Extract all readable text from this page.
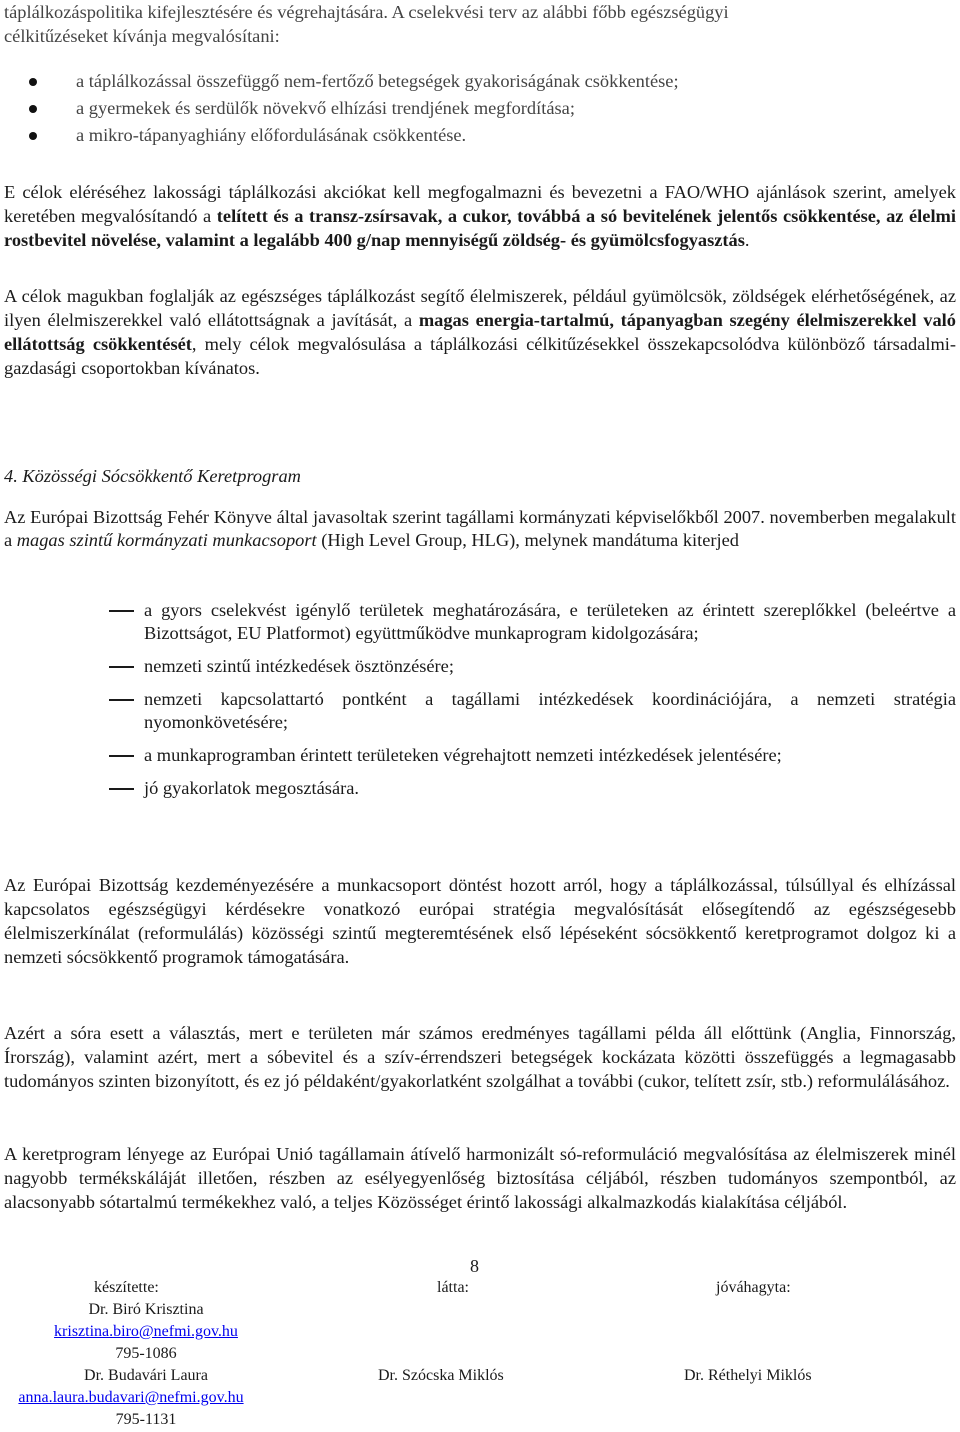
táplálkozáspolitika kifejlesztésére és végrehajtására. A cselekvési terv az alábbi főbb egészségügyi

célkitűzéseket kívánja megvalósítani:

a táplálkozással összefüggő nem-fertőző betegségek gyakoriságának csökkentése;
a gyermekek és serdülők növekvő elhízási trendjének megfordítása;
a mikro-tápanyaghiány előfordulásának csökkentése.

E célok eléréséhez lakossági táplálkozási akciókat kell megfogalmazni és bevezetni a FAO/WHO ajánlások szerint, amelyek keretében megvalósítandó a telített és a transz-zsírsavak, a cukor, továbbá a só bevitelének jelentős csökkentése, az élelmi rostbevitel növelése, valamint a legalább 400 g/nap mennyiségű zöldség- és gyümölcsfogyasztás.

A célok magukban foglalják az egészséges táplálkozást segítő élelmiszerek, például gyümölcsök, zöldségek elérhetőségének, az ilyen élelmiszerekkel való ellátottságnak a javítását, a magas energia-tartalmú, tápanyagban szegény élelmiszerekkel való ellátottság csökkentését, mely célok megvalósulása a táplálkozási célkitűzésekkel összekapcsolódva különböző társadalmi-gazdasági csoportokban kívánatos.

4. Közösségi Sócsökkentő Keretprogram

Az Európai Bizottság Fehér Könyve által javasoltak szerint tagállami kormányzati képviselőkből 2007. novemberben megalakult a magas szintű kormányzati munkacsoport (High Level Group, HLG), melynek mandátuma kiterjed

a gyors cselekvést igénylő területek meghatározására, e területeken az érintett szereplőkkel (beleértve a Bizottságot, EU Platformot) együttműködve munkaprogram kidolgozására;
nemzeti szintű intézkedések ösztönzésére;
nemzeti kapcsolattartó pontként a tagállami intézkedések koordinációjára, a nemzeti stratégia nyomonkövetésére;
a munkaprogramban érintett területeken végrehajtott nemzeti intézkedések jelentésére;
jó gyakorlatok megosztására.

Az Európai Bizottság kezdeményezésére a munkacsoport döntést hozott arról, hogy a táplálkozással, túlsúllyal és elhízással kapcsolatos egészségügyi kérdésekre vonatkozó európai stratégia megvalósítását elősegítendő az egészségesebb élelmiszerkínálat (reformulálás) közösségi szintű megteremtésének első lépéseként sócsökkentő keretprogramot dolgoz ki a nemzeti sócsökkentő programok támogatására.

Azért a sóra esett a választás, mert e területen már számos eredményes tagállami példa áll előttünk (Anglia, Finnország, Írország), valamint azért, mert a sóbevitel és a szív-érrendszeri betegségek kockázata közötti összefüggés a legmagasabb tudományos szinten bizonyított, és ez jó példaként/gyakorlatként szolgálhat a további (cukor, telített zsír, stb.) reformulálásához.

A keretprogram lényege az Európai Unió tagállamain átívelő harmonizált só-reformuláció megvalósítása az élelmiszerek minél nagyobb termékskáláját illetően, részben az esélyegyenlőség biztosítása céljából, részben tudományos szempontból, az alacsonyabb sótartalmú termékekhez való, a teljes Közösséget érintő lakossági alkalmazkodás kialakítása céljából.

8
készítette:
Dr. Biró Krisztina
krisztina.biro@nefmi.gov.hu
795-1086
Dr. Budavári Laura
anna.laura.budavari@nefmi.gov.hu
795-1131
látta:
Dr. Szócska Miklós
jóváhagyta:
Dr. Réthelyi Miklós
